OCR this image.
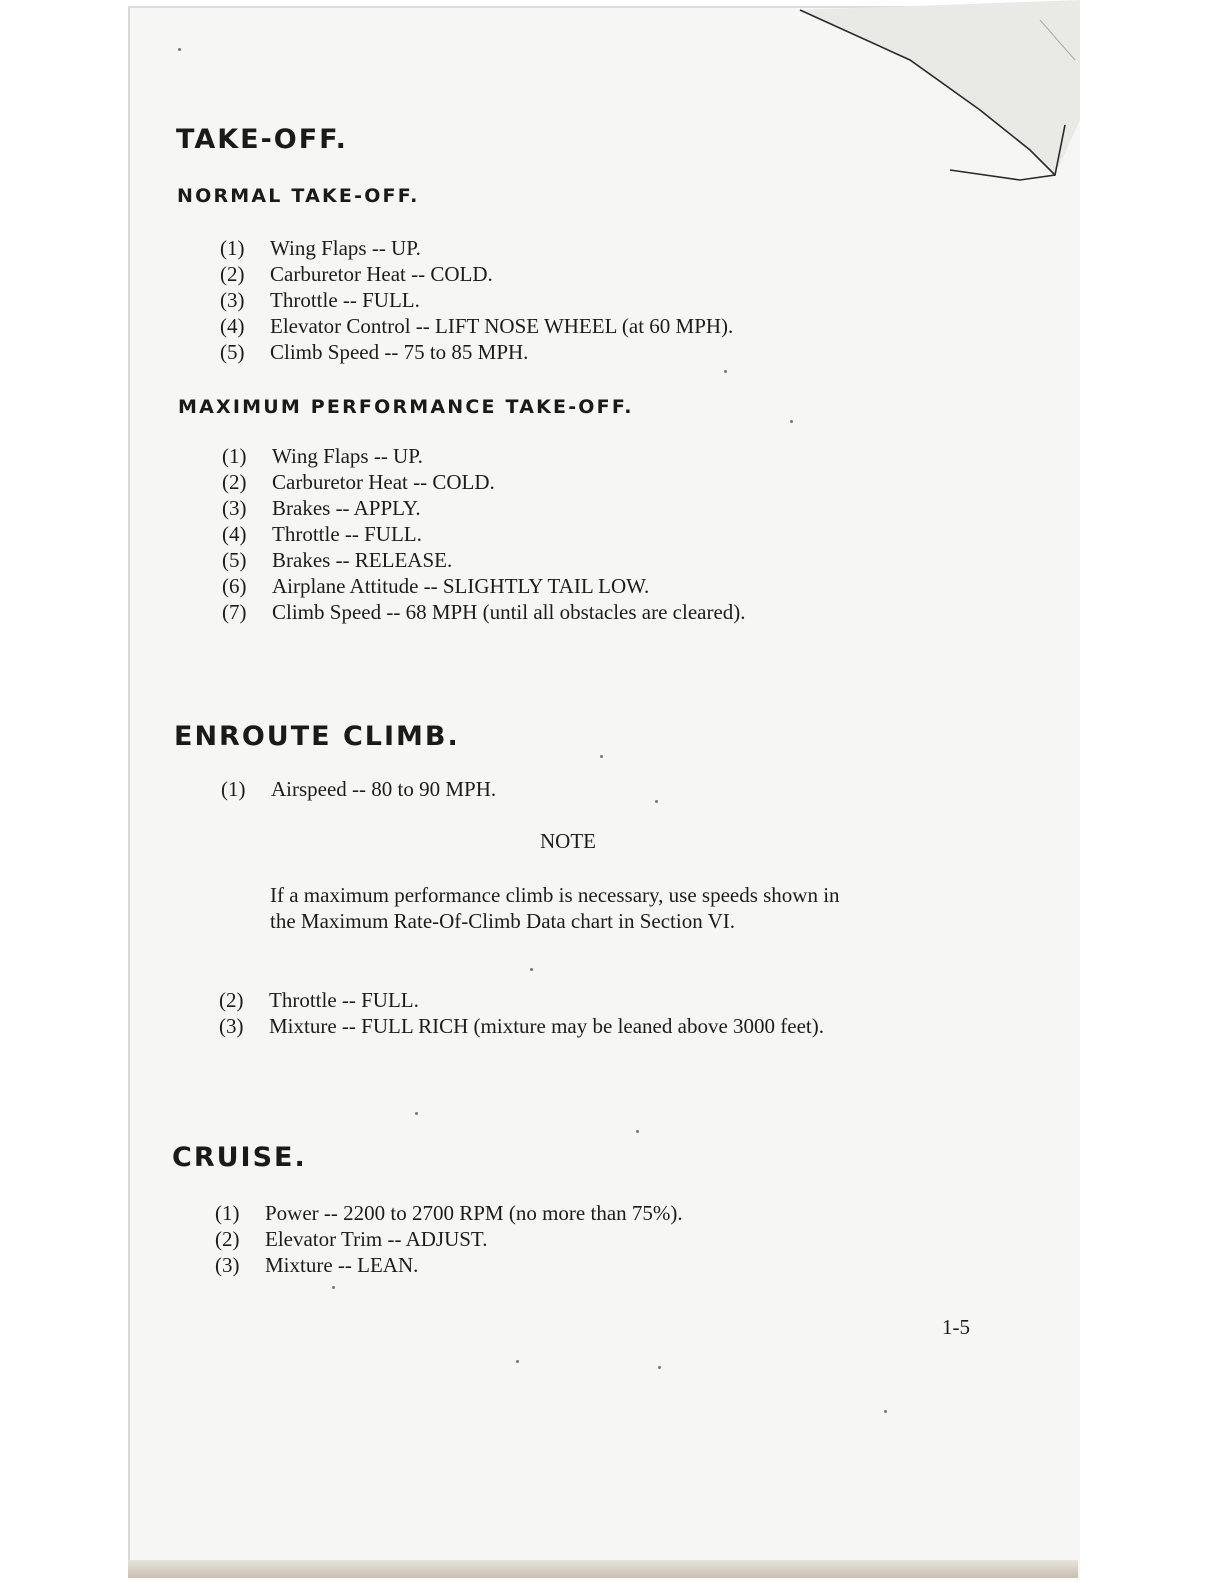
TAKE-OFF.
NORMAL TAKE-OFF.
(1) Wing Flaps -- UP.
(2) Carburetor Heat -- COLD.
(3) Throttle -- FULL.
(4) Elevator Control -- LIFT NOSE WHEEL (at 60 MPH).
(5) Climb Speed -- 75 to 85 MPH.
MAXIMUM PERFORMANCE TAKE-OFF.
(1) Wing Flaps -- UP.
(2) Carburetor Heat -- COLD.
(3) Brakes -- APPLY.
(4) Throttle -- FULL.
(5) Brakes -- RELEASE.
(6) Airplane Attitude -- SLIGHTLY TAIL LOW.
(7) Climb Speed -- 68 MPH (until all obstacles are cleared).
ENROUTE CLIMB.
(1) Airspeed -- 80 to 90 MPH.
NOTE

If a maximum performance climb is necessary, use speeds shown in the Maximum Rate-Of-Climb Data chart in Section VI.

(2) Throttle -- FULL.
(3) Mixture -- FULL RICH (mixture may be leaned above 3000 feet).
CRUISE.
(1) Power -- 2200 to 2700 RPM (no more than 75%).
(2) Elevator Trim -- ADJUST.
(3) Mixture -- LEAN.
1-5
